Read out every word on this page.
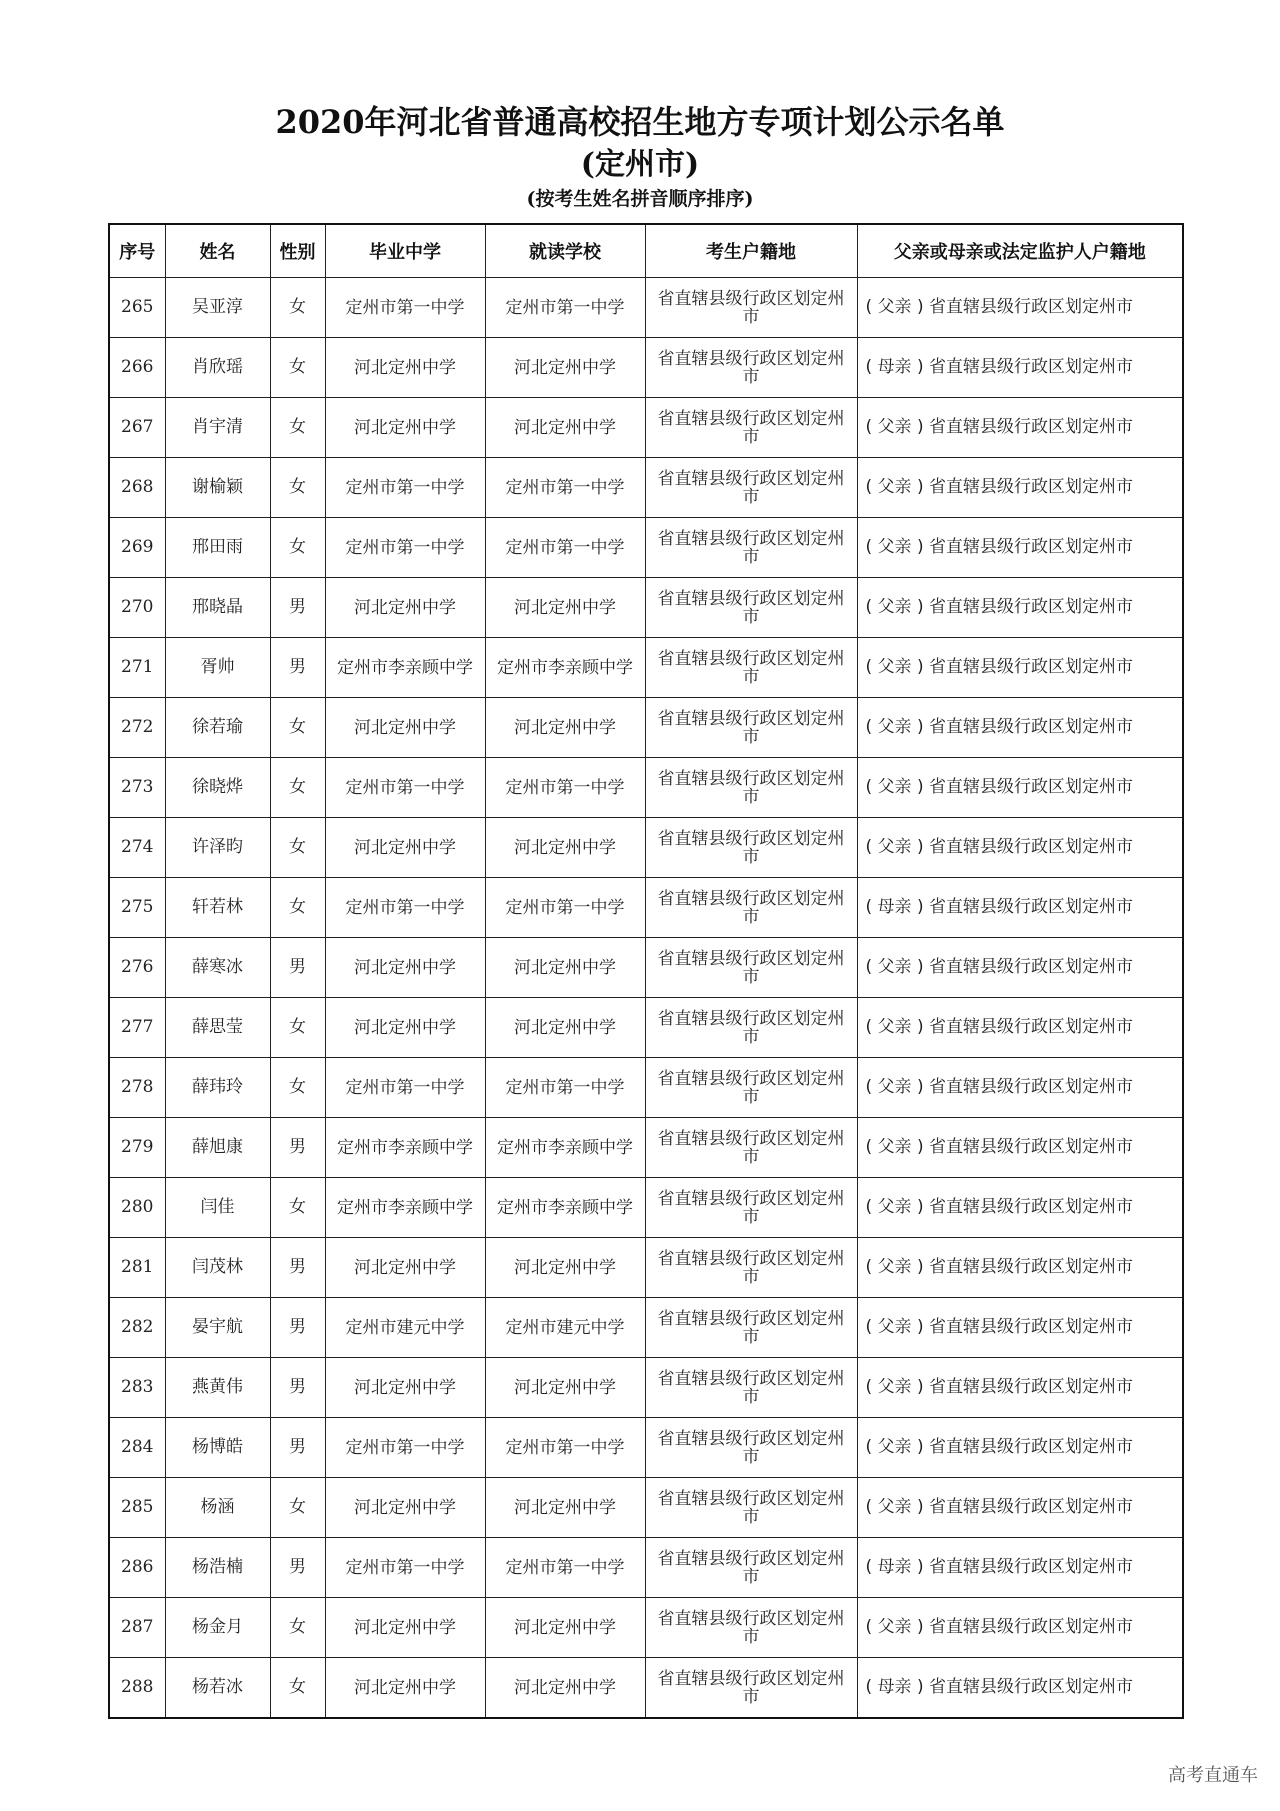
2020年河北省普通高校招生地方专项计划公示名单
(定州市)
(按考生姓名拼音顺序排序)
序号	姓名	性别	毕业中学	就读学校	考生户籍地	父亲或母亲或法定监护人户籍地
265	吴亚淳	女	定州市第一中学	定州市第一中学	省直辖县级行政区划定州市	( 父亲 ) 省直辖县级行政区划定州市
266	肖欣瑶	女	河北定州中学	河北定州中学	省直辖县级行政区划定州市	( 母亲 ) 省直辖县级行政区划定州市
267	肖宇清	女	河北定州中学	河北定州中学	省直辖县级行政区划定州市	( 父亲 ) 省直辖县级行政区划定州市
268	谢榆颖	女	定州市第一中学	定州市第一中学	省直辖县级行政区划定州市	( 父亲 ) 省直辖县级行政区划定州市
269	邢田雨	女	定州市第一中学	定州市第一中学	省直辖县级行政区划定州市	( 父亲 ) 省直辖县级行政区划定州市
270	邢晓晶	男	河北定州中学	河北定州中学	省直辖县级行政区划定州市	( 父亲 ) 省直辖县级行政区划定州市
271	胥帅	男	定州市李亲顾中学	定州市李亲顾中学	省直辖县级行政区划定州市	( 父亲 ) 省直辖县级行政区划定州市
272	徐若瑜	女	河北定州中学	河北定州中学	省直辖县级行政区划定州市	( 父亲 ) 省直辖县级行政区划定州市
273	徐晓烨	女	定州市第一中学	定州市第一中学	省直辖县级行政区划定州市	( 父亲 ) 省直辖县级行政区划定州市
274	许泽昀	女	河北定州中学	河北定州中学	省直辖县级行政区划定州市	( 父亲 ) 省直辖县级行政区划定州市
275	轩若林	女	定州市第一中学	定州市第一中学	省直辖县级行政区划定州市	( 母亲 ) 省直辖县级行政区划定州市
276	薛寒冰	男	河北定州中学	河北定州中学	省直辖县级行政区划定州市	( 父亲 ) 省直辖县级行政区划定州市
277	薛思莹	女	河北定州中学	河北定州中学	省直辖县级行政区划定州市	( 父亲 ) 省直辖县级行政区划定州市
278	薛玮玲	女	定州市第一中学	定州市第一中学	省直辖县级行政区划定州市	( 父亲 ) 省直辖县级行政区划定州市
279	薛旭康	男	定州市李亲顾中学	定州市李亲顾中学	省直辖县级行政区划定州市	( 父亲 ) 省直辖县级行政区划定州市
280	闫佳	女	定州市李亲顾中学	定州市李亲顾中学	省直辖县级行政区划定州市	( 父亲 ) 省直辖县级行政区划定州市
281	闫茂林	男	河北定州中学	河北定州中学	省直辖县级行政区划定州市	( 父亲 ) 省直辖县级行政区划定州市
282	晏宇航	男	定州市建元中学	定州市建元中学	省直辖县级行政区划定州市	( 父亲 ) 省直辖县级行政区划定州市
283	燕黄伟	男	河北定州中学	河北定州中学	省直辖县级行政区划定州市	( 父亲 ) 省直辖县级行政区划定州市
284	杨博皓	男	定州市第一中学	定州市第一中学	省直辖县级行政区划定州市	( 父亲 ) 省直辖县级行政区划定州市
285	杨涵	女	河北定州中学	河北定州中学	省直辖县级行政区划定州市	( 父亲 ) 省直辖县级行政区划定州市
286	杨浩楠	男	定州市第一中学	定州市第一中学	省直辖县级行政区划定州市	( 母亲 ) 省直辖县级行政区划定州市
287	杨金月	女	河北定州中学	河北定州中学	省直辖县级行政区划定州市	( 父亲 ) 省直辖县级行政区划定州市
288	杨若冰	女	河北定州中学	河北定州中学	省直辖县级行政区划定州市	( 母亲 ) 省直辖县级行政区划定州市
高考直通车
